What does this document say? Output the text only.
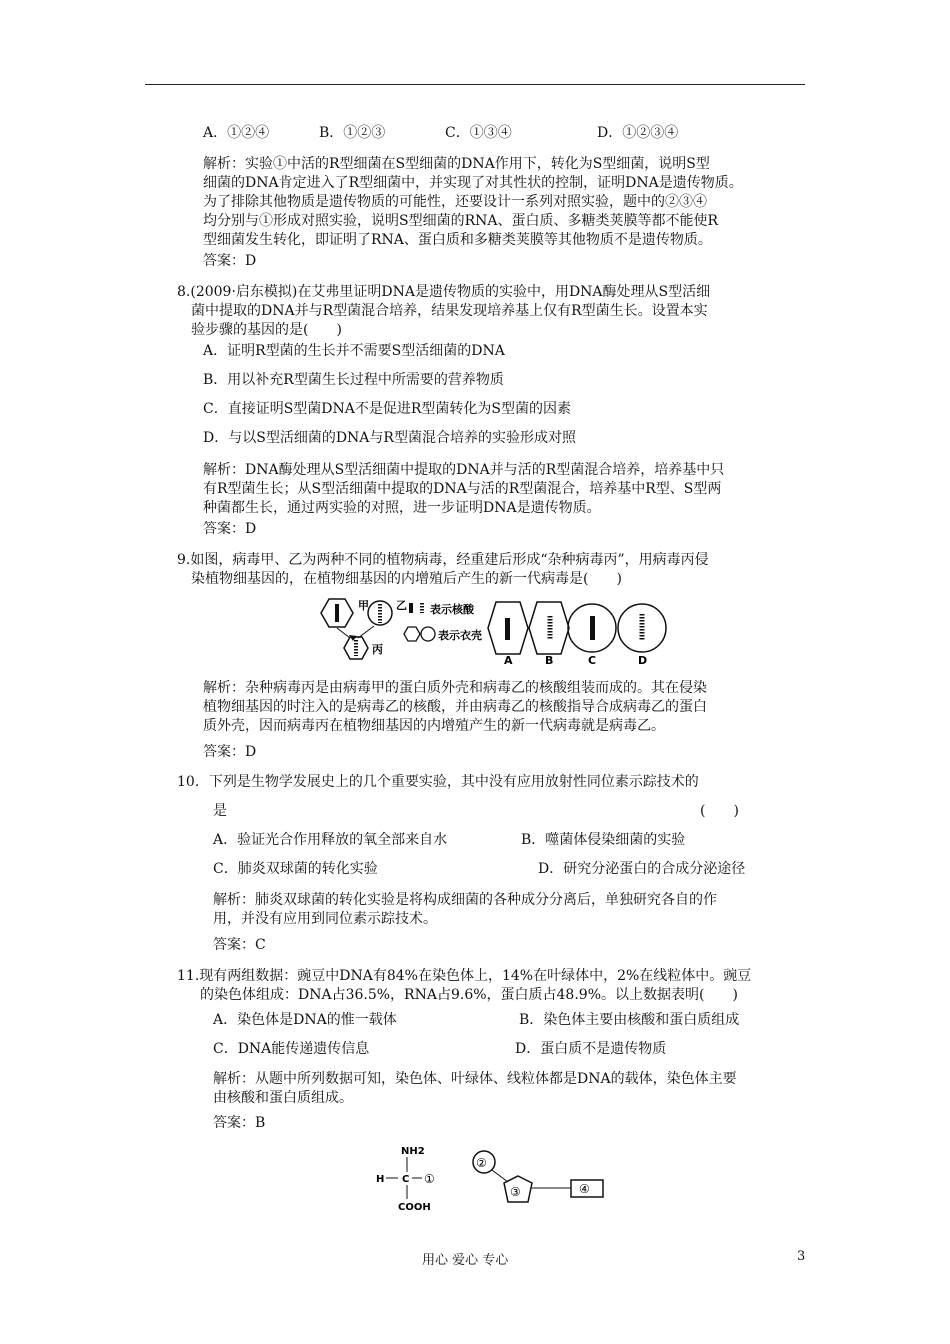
A．①②④	B．①②③	C．①③④	D．①②③④
解析：实验①中活的R型细菌在S型细菌的DNA作用下，转化为S型细菌，说明S型
细菌的DNA肯定进入了R型细菌中，并实现了对其性状的控制，证明DNA是遗传物质。
为了排除其他物质是遗传物质的可能性，还要设计一系列对照实验，题中的②③④
均分别与①形成对照实验，说明S型细菌的RNA、蛋白质、多糖类荚膜等都不能使R
型细菌发生转化，即证明了RNA、蛋白质和多糖类荚膜等其他物质不是遗传物质。
答案：D
8.(2009·启东模拟)在艾弗里证明DNA是遗传物质的实验中，用DNA酶处理从S型活细
菌中提取的DNA并与R型菌混合培养，结果发现培养基上仅有R型菌生长。设置本实
验步骤的基因的是(　　)
A．证明R型菌的生长并不需要S型活细菌的DNA
B．用以补充R型菌生长过程中所需要的营养物质
C．直接证明S型菌DNA不是促进R型菌转化为S型菌的因素
D．与以S型活细菌的DNA与R型菌混合培养的实验形成对照
解析：DNA酶处理从S型活细菌中提取的DNA并与活的R型菌混合培养，培养基中只
有R型菌生长；从S型活细菌中提取的DNA与活的R型菌混合，培养基中R型、S型两
种菌都生长，通过两实验的对照，进一步证明DNA是遗传物质。
答案：D
9.如图，病毒甲、乙为两种不同的植物病毒，经重建后形成“杂种病毒丙”，用病毒丙侵
染植物细基因的，在植物细基因的内增殖后产生的新一代病毒是(　　)
甲 乙 表示核酸
丙
表示衣壳
A	B	C	D
解析：杂种病毒丙是由病毒甲的蛋白质外壳和病毒乙的核酸组装而成的。其在侵染
植物细基因的时注入的是病毒乙的核酸，并由病毒乙的核酸指导合成病毒乙的蛋白
质外壳，因而病毒丙在植物细基因的内增殖产生的新一代病毒就是病毒乙。
答案：D
10．下列是生物学发展史上的几个重要实验，其中没有应用放射性同位素示踪技术的
是	(　　)
A．验证光合作用释放的氧全部来自水	B．噬菌体侵染细菌的实验
C．肺炎双球菌的转化实验	D．研究分泌蛋白的合成分泌途径
解析：肺炎双球菌的转化实验是将构成细菌的各种成分分离后，单独研究各自的作
用，并没有应用到同位素示踪技术。
答案：C
11.现有两组数据：豌豆中DNA有84%在染色体上，14%在叶绿体中，2%在线粒体中。豌豆
的染色体组成：DNA占36.5%，RNA占9.6%，蛋白质占48.9%。以上数据表明(　　)
A．染色体是DNA的惟一载体	B．染色体主要由核酸和蛋白质组成
C．DNA能传递遗传信息	D．蛋白质不是遗传物质
解析：从题中所列数据可知，染色体、叶绿体、线粒体都是DNA的载体，染色体主要
由核酸和蛋白质组成。
答案：B
NH2
H C ①
COOH
②
③	④
用心 爱心 专心	3
